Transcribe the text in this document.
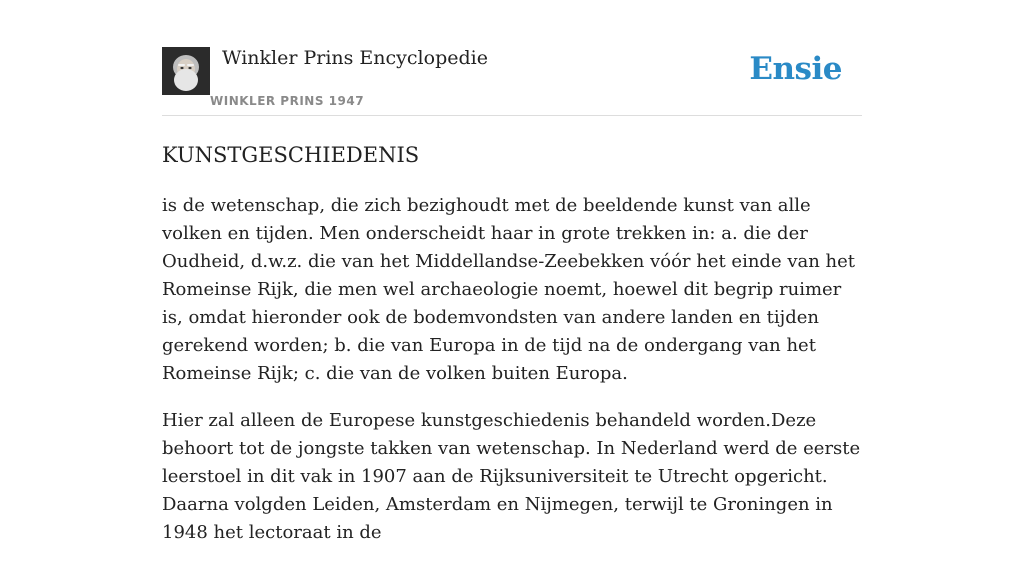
Winkler Prins Encyclopedie
WINKLER PRINS 1947
Ensie
KUNSTGESCHIEDENIS

is de wetenschap, die zich bezighoudt met de beeldende kunst van alle volken en tijden. Men onderscheidt haar in grote trekken in: a. die der Oudheid, d.w.z. die van het Middellandse-Zeebekken vóór het einde van het Romeinse Rijk, die men wel archaeologie noemt, hoewel dit begrip ruimer is, omdat hieronder ook de bodemvondsten van andere landen en tijden gerekend worden; b. die van Europa in de tijd na de ondergang van het Romeinse Rijk; c. die van de volken buiten Europa.

Hier zal alleen de Europese kunstgeschiedenis behandeld worden.Deze behoort tot de jongste takken van wetenschap. In Nederland werd de eerste leerstoel in dit vak in 1907 aan de Rijksuniversiteit te Utrecht opgericht. Daarna volgden Leiden, Amsterdam en Nijmegen, terwijl te Groningen in 1948 het lectoraat in de
